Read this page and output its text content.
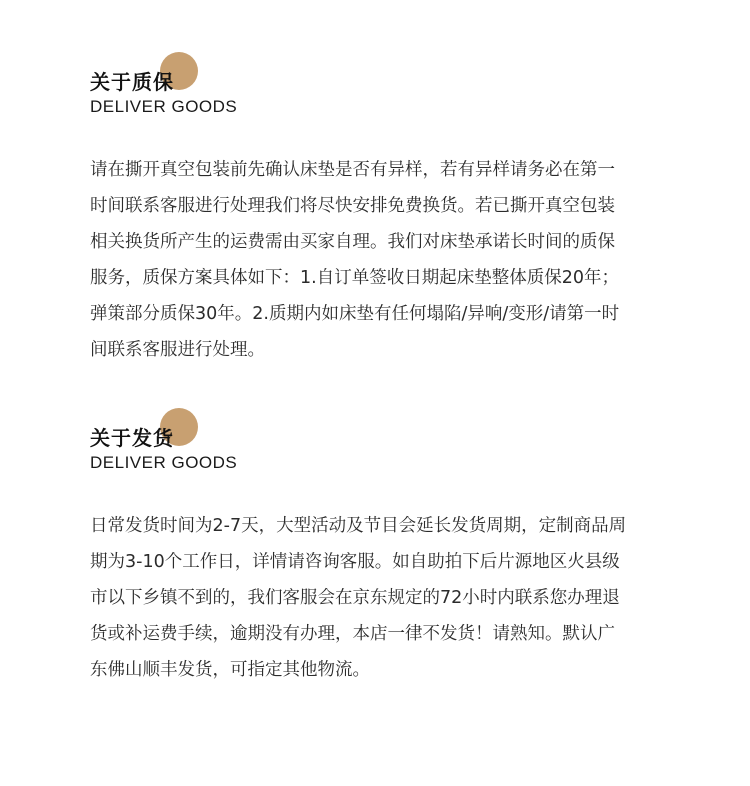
关于质保
DELIVER GOODS

请在撕开真空包装前先确认床垫是否有异样，若有异样请务必在第一
时间联系客服进行处理我们将尽快安排免费换货。若已撕开真空包装
相关换货所产生的运费需由买家自理。我们对床垫承诺长时间的质保
服务，质保方案具体如下：1.自订单签收日期起床垫整体质保20年；
弹策部分质保30年。2.质期内如床垫有任何塌陷/异响/变形/请第一时
间联系客服进行处理。

关于发货
DELIVER GOODS

日常发货时间为2-7天，大型活动及节目会延长发货周期，定制商品周
期为3-10个工作日，详情请咨询客服。如自助拍下后片源地区火县级
市以下乡镇不到的，我们客服会在京东规定的72小时内联系您办理退
货或补运费手续，逾期没有办理，本店一律不发货！请熟知。默认广
东佛山顺丰发货，可指定其他物流。
